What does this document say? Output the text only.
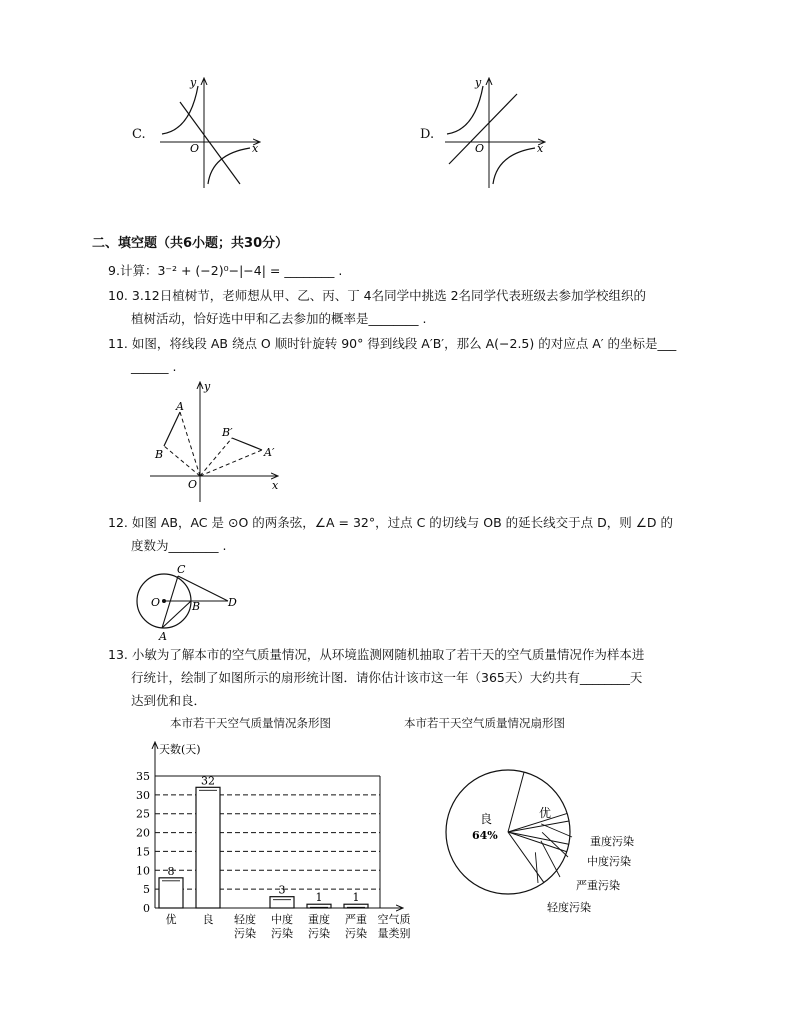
C.
x
y
O
D.
x
y
O
二、填空题（共6小题；共30分）
9.计算：3⁻² + (−2)⁰−|−4| = ________ .
10. 3.12日植树节，老师想从甲、乙、丙、丁 4名同学中挑选 2名同学代表班级去参加学校组织的
植树活动，恰好选中甲和乙去参加的概率是________ .
11. 如图，将线段 AB 绕点 O 顺时针旋转 90° 得到线段 A′B′，那么 A(−2.5) 的对应点 A′ 的坐标是___
______ .
A
B
B′
A′
O	x
y
12. 如图 AB，AC 是 ⊙O 的两条弦，∠A = 32°，过点 C 的切线与 OB 的延长线交于点 D，则 ∠D 的
度数为________ .
C
O	B	D
A
13. 小敏为了解本市的空气质量情况，从环境监测网随机抽取了若干天的空气质量情况作为样本进
行统计，绘制了如图所示的扇形统计图．请你估计该市这一年（365天）大约共有________天
达到优和良．
本市若干天空气质量情况条形图	本市若干天空气质量情况扇形图
0
5
10
15
20
25
30
35
天数(天)
8
优
32
良 轻度
污染
3
中度
污染
1
重度
污染
1
严重
污染
空气质
量类别
良
64%
优
重度污染
中度污染
严重污染
轻度污染
